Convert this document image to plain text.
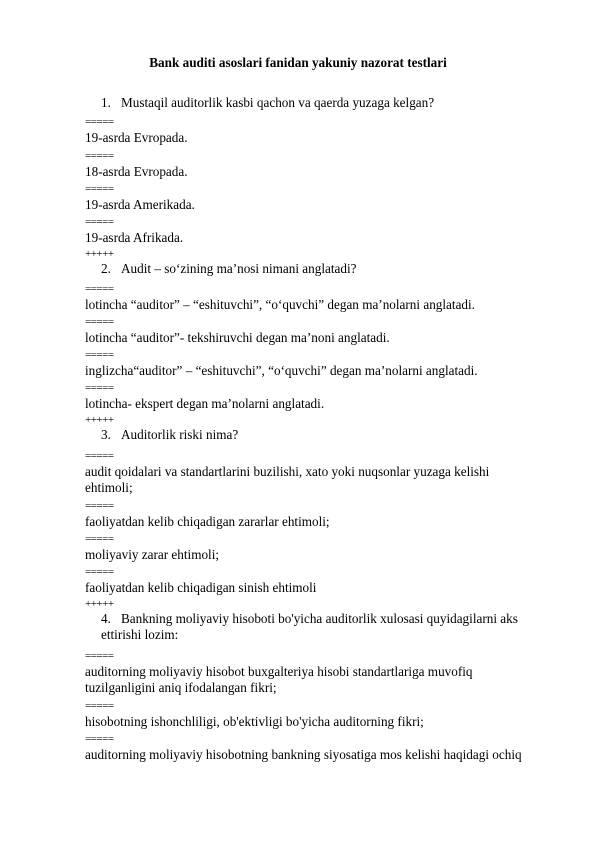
Bank auditi asoslari fanidan yakuniy nazorat testlari
1. Mustaqil auditorlik kasbi qachon va qaerda yuzaga kelgan?
=====
19-asrda Evropada.
=====
18-asrda Evropada.
=====
19-asrda Amerikada.
=====
19-asrda Afrikada.
+++++
2. Audit – so‘zining ma’nosi nimani anglatadi?
=====
lotincha “auditor” – “eshituvchi”, “o‘quvchi” degan ma’nolarni anglatadi.
=====
lotincha “auditor”- tekshiruvchi degan ma’noni anglatadi.
=====
inglizcha“auditor” – “eshituvchi”, “o‘quvchi” degan ma’nolarni anglatadi.
=====
lotincha- ekspert degan ma’nolarni anglatadi.
+++++
3. Auditorlik riski nima?
=====
audit qoidalari va standartlarini buzilishi, xato yoki nuqsonlar yuzaga kelishi ehtimoli;
=====
faoliyatdan kelib chiqadigan zararlar ehtimoli;
=====
moliyaviy zarar ehtimoli;
=====
faoliyatdan kelib chiqadigan sinish ehtimoli
+++++
4. Bankning moliyaviy hisoboti bo'yicha auditorlik xulosasi quyidagilarni aks ettirishi lozim:
=====
auditorning moliyaviy hisobot buxgalteriya hisobi standartlariga muvofiq tuzilganligini aniq ifodalangan fikri;
=====
hisobotning ishonchliligi, ob'ektivligi bo'yicha auditorning fikri;
=====
auditorning moliyaviy hisobotning bankning siyosatiga mos kelishi haqidagi ochiq
